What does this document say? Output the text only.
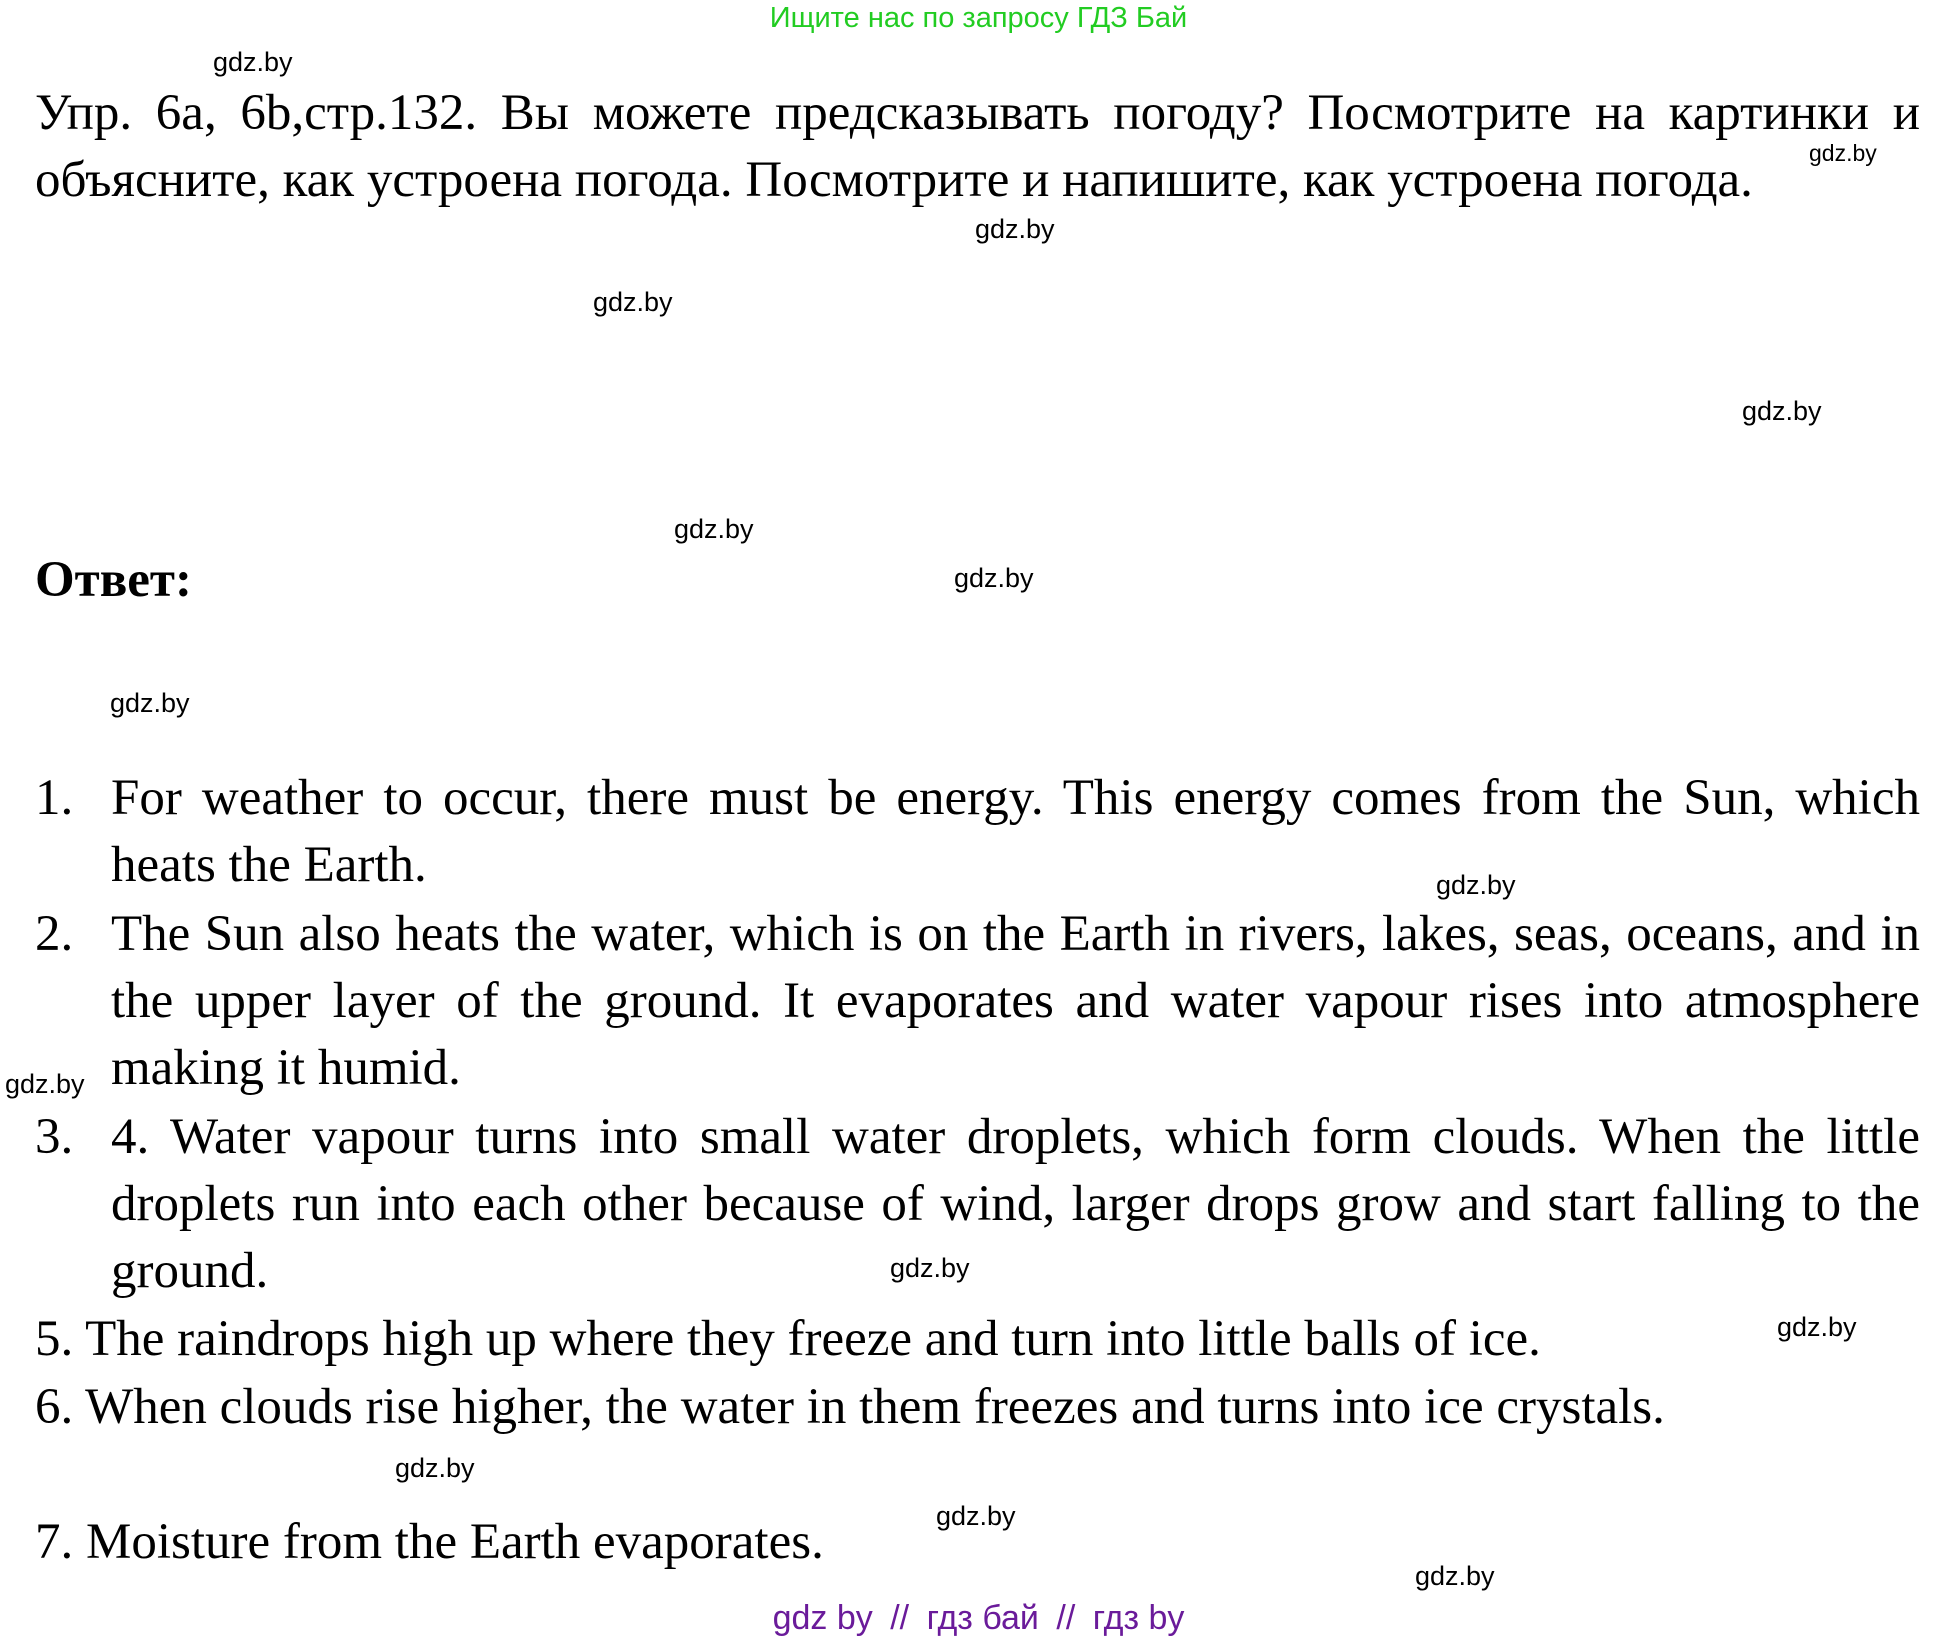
Ищите нас по запросу ГДЗ Бай
gdz.by

Упр. 6a, 6b,стр.132. Вы можете предсказывать погоду? Посмотрите на картинки и объясните, как устроена погода. Посмотрите и напишите, как устроена погода.	gdz.by
gdz.by
gdz.by
gdz.by
gdz.by

Ответ:	gdz.by
gdz.by
1. For weather to occur, there must be energy. This energy comes from the Sun, which heats the Earth.	gdz.by
2. The Sun also heats the water, which is on the Earth in rivers, lakes, seas, oceans, and in the upper layer of the ground. It evaporates and water vapour rises into atmosphere making it humid.
gdz.by
3. 4. Water vapour turns into small water droplets, which form clouds. When the little droplets run into each other because of wind, larger drops grow and start falling to the ground.	gdz.by
5. The raindrops high up where they freeze and turn into little balls of ice.	gdz.by
6. When clouds rise higher, the water in them freezes and turns into ice crystals.
gdz.by
gdz.by
7. Moisture from the Earth evaporates.
gdz.by
gdz by // гдз бай // гдз by
